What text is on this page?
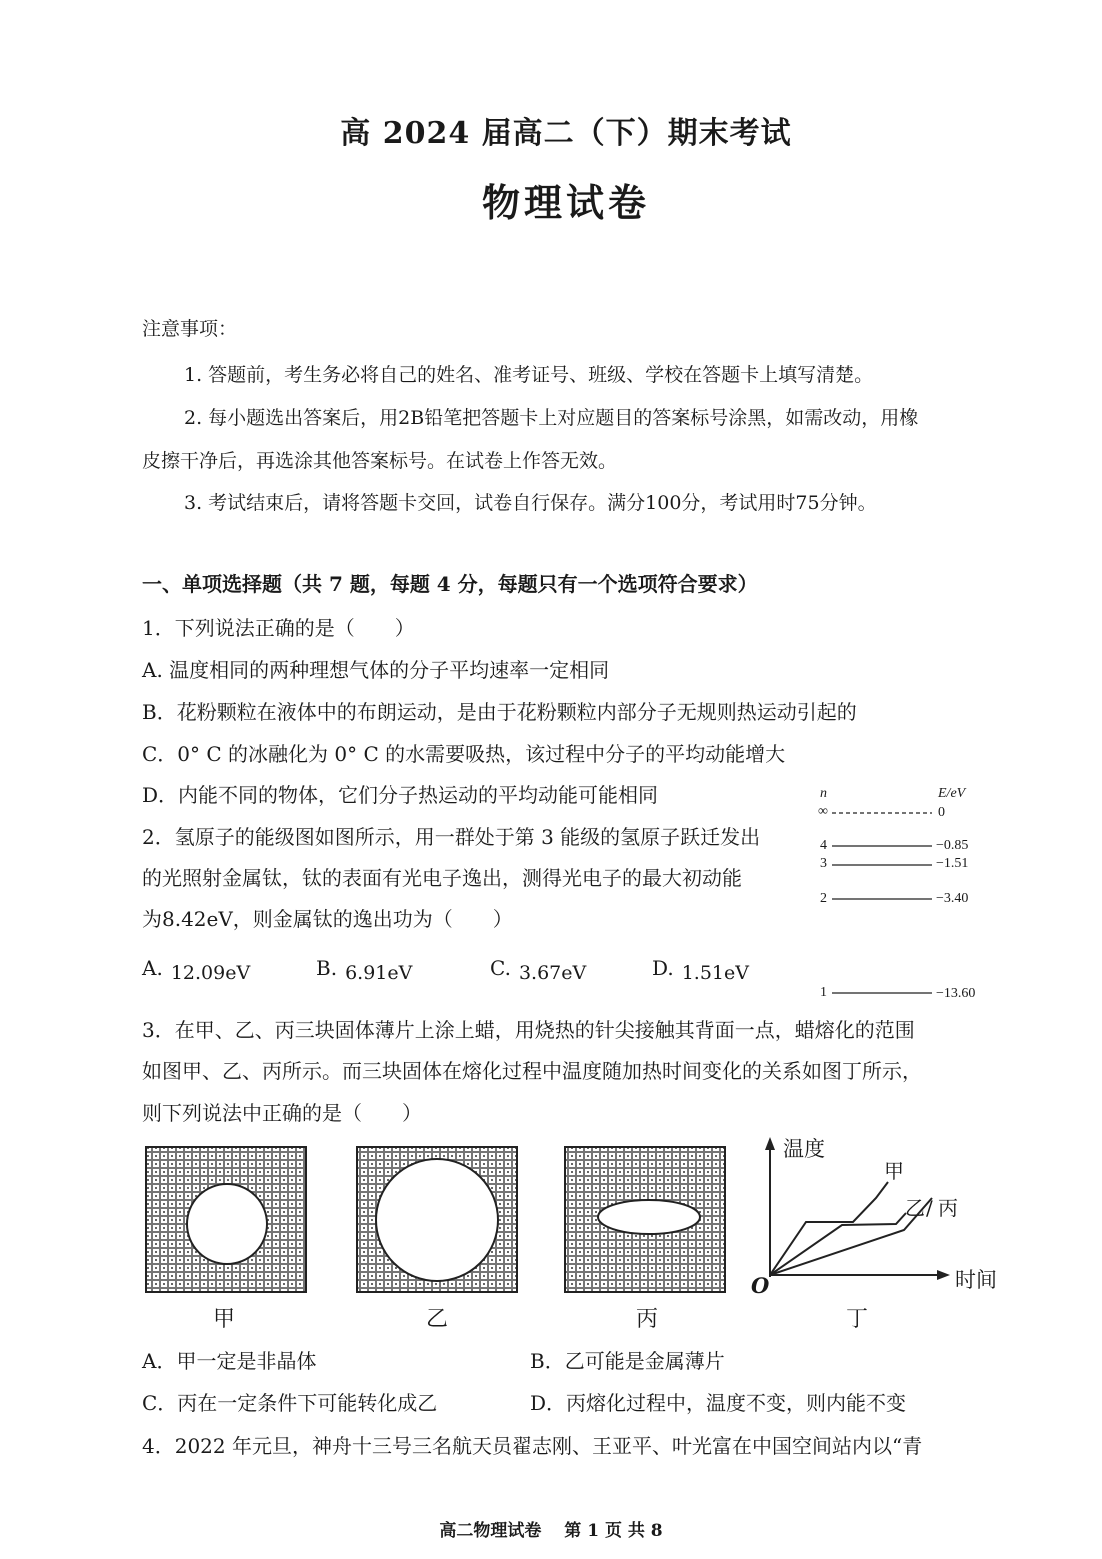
高 2024 届高二（下）期末考试
物理试卷
注意事项：
1. 答题前，考生务必将自己的姓名、准考证号、班级、学校在答题卡上填写清楚。
2. 每小题选出答案后，用2B铅笔把答题卡上对应题目的答案标号涂黑，如需改动，用橡
皮擦干净后，再选涂其他答案标号。在试卷上作答无效。
3. 考试结束后，请将答题卡交回，试卷自行保存。满分100分，考试用时75分钟。
一、单项选择题（共 7 题，每题 4 分，每题只有一个选项符合要求）
1．下列说法正确的是（　　）
A. 温度相同的两种理想气体的分子平均速率一定相同
B．花粉颗粒在液体中的布朗运动，是由于花粉颗粒内部分子无规则热运动引起的
C．0° C 的冰融化为 0° C 的水需要吸热，该过程中分子的平均动能增大
D．内能不同的物体，它们分子热运动的平均动能可能相同
2．氢原子的能级图如图所示，用一群处于第 3 能级的氢原子跃迁发出
的光照射金属钛，钛的表面有光电子逸出，测得光电子的最大初动能
为8.42eV，则金属钛的逸出功为（　　）
A. 12.09eV	B. 6.91eV	C. 3.67eV	D. 1.51eV
n	E/eV
∞	0
4	−0.85
3	−1.51
2	−3.40
1	−13.60
3．在甲、乙、丙三块固体薄片上涂上蜡，用烧热的针尖接触其背面一点，蜡熔化的范围
如图甲、乙、丙所示。而三块固体在熔化过程中温度随加热时间变化的关系如图丁所示，
则下列说法中正确的是（　　）
温度
时间
O
甲
乙 丙
/
甲	乙	丙	丁
A．甲一定是非晶体	B．乙可能是金属薄片
C．丙在一定条件下可能转化成乙	D．丙熔化过程中，温度不变，则内能不变
4．2022 年元旦，神舟十三号三名航天员翟志刚、王亚平、叶光富在中国空间站内以“青
高二物理试卷　 第 1 页 共 8
